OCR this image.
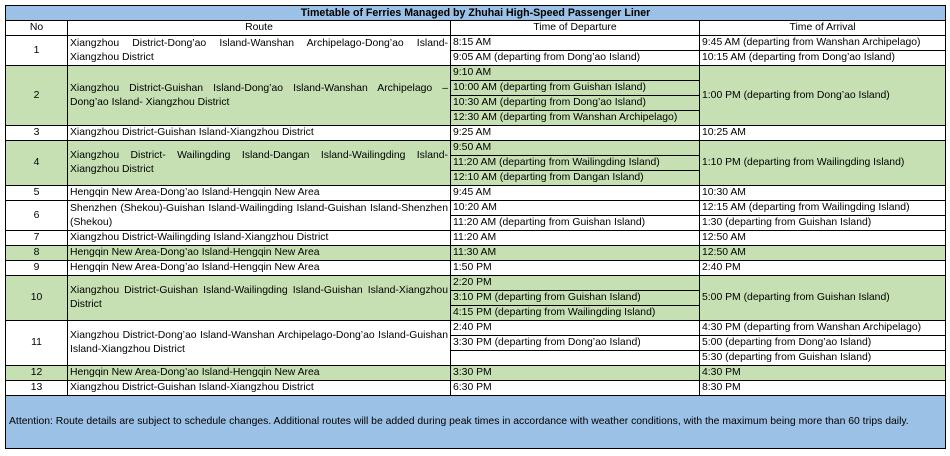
Timetable of Ferries Managed by Zhuhai High-Speed Passenger Liner			
No	Route	Time of Departure	Time of Arrival
1	Xiangzhou District-Dong’ao Island-Wanshan Archipelago-Dong’ao Island-Xiangzhou District	8:15 AM	9:45 AM (departing from Wanshan Archipelago)
		9:05 AM (departing from Dong’ao Island)	10:15 AM (departing from Dong’ao Island)
2	Xiangzhou District-Guishan Island-Dong’ao Island-Wanshan Archipelago –Dong’ao Island- Xiangzhou District	9:10 AM	1:00 PM (departing from Dong’ao Island)
		10:00 AM (departing from Guishan Island)	
		10:30 AM (departing from Dong’ao Island)	
		12:30 AM (departing from Wanshan Archipelago)	
3	Xiangzhou District-Guishan Island-Xiangzhou District	9:25 AM	10:25 AM
4	Xiangzhou District- Wailingding Island-Dangan Island-Wailingding Island-Xiangzhou District	9:50 AM	1:10 PM (departing from Wailingding Island)
		11:20 AM (departing from Wailingding Island)	
		12:10 AM (departing from Dangan Island)	
5	Hengqin New Area-Dong’ao Island-Hengqin New Area	9:45 AM	10:30 AM
6	Shenzhen (Shekou)-Guishan Island-Wailingding Island-Guishan Island-Shenzhen (Shekou)	10:20 AM	12:15 AM (departing from Wailingding Island)
		11:20 AM (departing from Guishan Island)	1:30 (departing from Guishan Island)
7	Xiangzhou District-Wailingding Island-Xiangzhou District	11:20 AM	12:50 AM
8	Hengqin New Area-Dong’ao Island-Hengqin New Area	11:30 AM	12:50 AM
9	Hengqin New Area-Dong’ao Island-Hengqin New Area	1:50 PM	2:40 PM
10	Xiangzhou District-Guishan Island-Wailingding Island-Guishan Island-Xiangzhou District	2:20 PM	5:00 PM (departing from Guishan Island)
		3:10 PM (departing from Guishan Island)	
		4:15 PM (departing from Wailingding Island)	
11	Xiangzhou District-Dong’ao Island-Wanshan Archipelago-Dong’ao Island-Guishan Island-Xiangzhou District	2:40 PM	4:30 PM (departing from Wanshan Archipelago)
		3:30 PM (departing from Dong’ao Island)	5:00 (departing from Dong’ao Island)
			5:30 (departing from Guishan Island)
12	Hengqin New Area-Dong’ao Island-Hengqin New Area	3:30 PM	4:30 PM
13	Xiangzhou District-Guishan Island-Xiangzhou District	6:30 PM	8:30 PM
Attention: Route details are subject to schedule changes. Additional routes will be added during peak times in accordance with weather conditions, with the maximum being more than 60 trips daily.			
